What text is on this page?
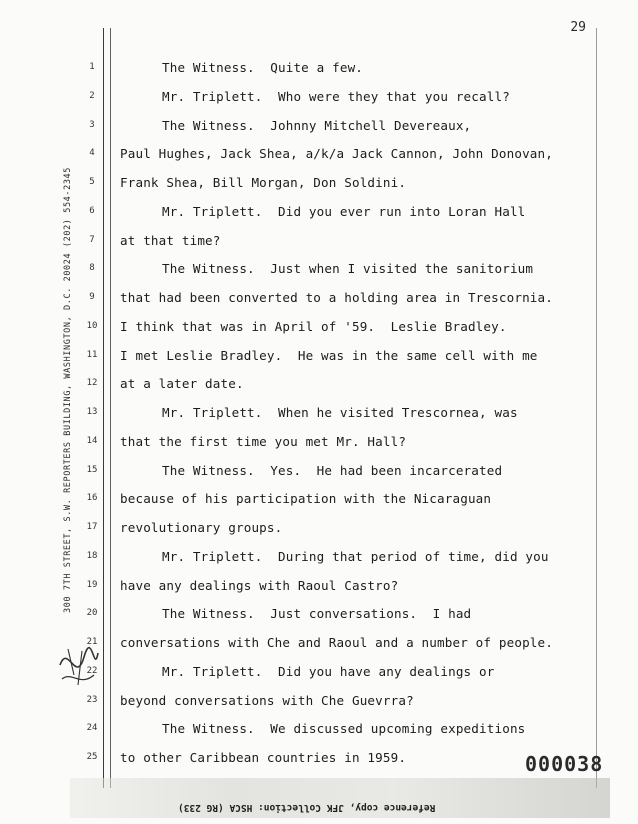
29
300 7TH STREET, S.W. REPORTERS BUILDING, WASHINGTON, D.C. 20024 (202) 554-2345
1
2
3
4
5
6
7
8
9
10
11
12
13
14
15
16
17
18
19
20
21
22
23
24
25
The Witness.  Quite a few.
Mr. Triplett.  Who were they that you recall?
The Witness.  Johnny Mitchell Devereaux,
Paul Hughes, Jack Shea, a/k/a Jack Cannon, John Donovan,
Frank Shea, Bill Morgan, Don Soldini.
Mr. Triplett.  Did you ever run into Loran Hall
at that time?
The Witness.  Just when I visited the sanitorium
that had been converted to a holding area in Trescornia.
I think that was in April of '59.  Leslie Bradley.
I met Leslie Bradley.  He was in the same cell with me
at a later date.
Mr. Triplett.  When he visited Trescornea, was
that the first time you met Mr. Hall?
The Witness.  Yes.  He had been incarcerated
because of his participation with the Nicaraguan
revolutionary groups.
Mr. Triplett.  During that period of time, did you
have any dealings with Raoul Castro?
The Witness.  Just conversations.  I had
conversations with Che and Raoul and a number of people.
Mr. Triplett.  Did you have any dealings or
beyond conversations with Che Guevrra?
The Witness.  We discussed upcoming expeditions
to other Caribbean countries in 1959.	000038
Reference copy, JFK Collection: HSCA (RG 233)
